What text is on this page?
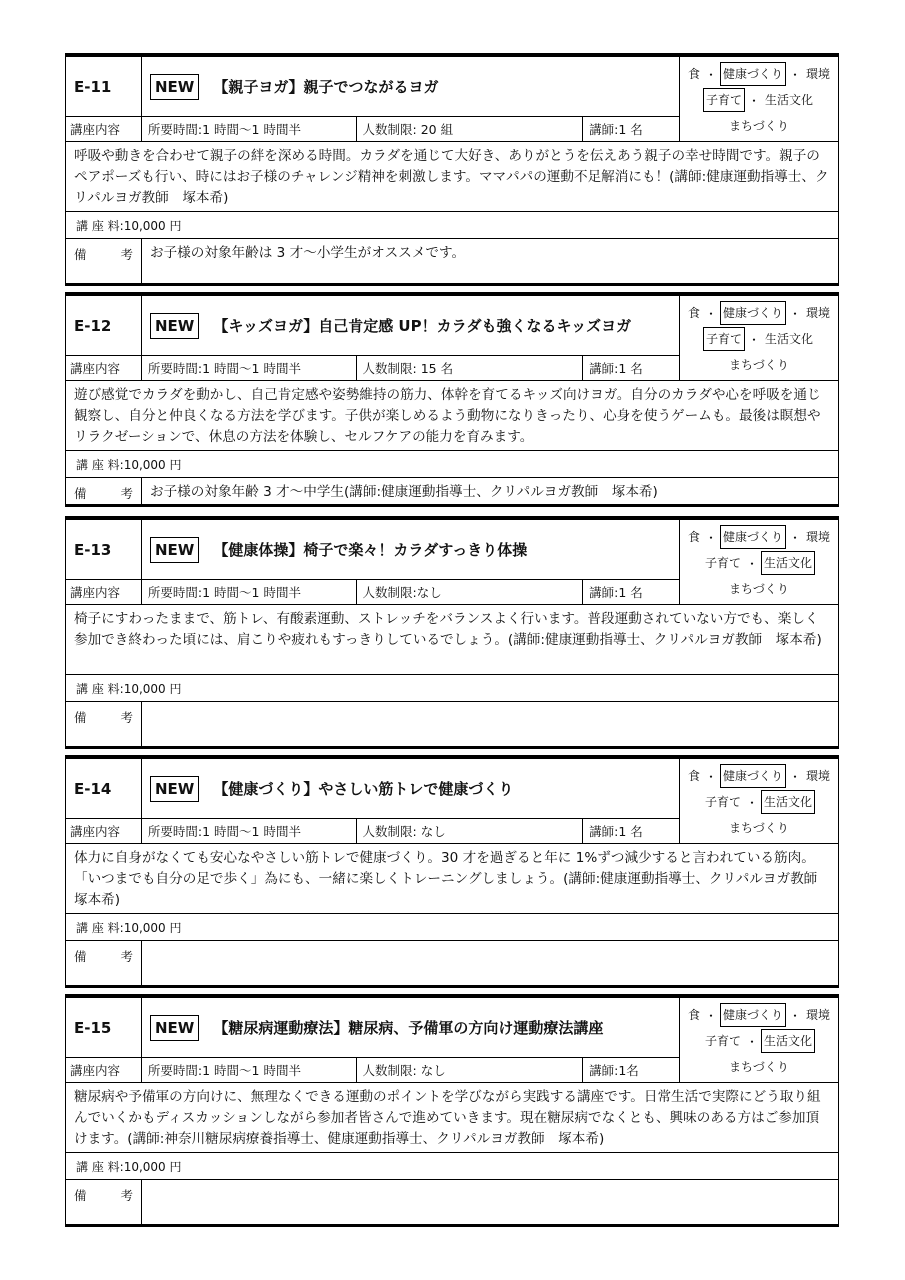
E-11	NEW	【親子ヨガ】親子でつながるヨガ
講座内容	所要時間:1 時間～1 時間半	人数制限: 20 組	講師:1 名
食 ・ 健康づくり ・ 環境
子育て ・ 生活文化
まちづくり
呼吸や動きを合わせて親子の絆を深める時間。カラダを通じて大好き、ありがとうを伝えあう親子の幸せ時間です。親子のペアポーズも行い、時にはお子様のチャレンジ精神を刺激します。ママパパの運動不足解消にも！(講師:健康運動指導士、クリパルヨガ教師　塚本希)
講 座 料: 10,000 円
備	考	お子様の対象年齢は 3 才～小学生がオススメです。
E-12	NEW	【キッズヨガ】自己肯定感 UP！カラダも強くなるキッズヨガ
講座内容	所要時間:1 時間～1 時間半	人数制限: 15 名	講師:1 名
食 ・ 健康づくり ・ 環境
子育て ・ 生活文化
まちづくり
遊び感覚でカラダを動かし、自己肯定感や姿勢維持の筋力、体幹を育てるキッズ向けヨガ。自分のカラダや心を呼吸を通じ観察し、自分と仲良くなる方法を学びます。子供が楽しめるよう動物になりきったり、心身を使うゲームも。最後は瞑想やリラクゼーションで、休息の方法を体験し、セルフケアの能力を育みます。
講 座 料: 10,000 円
備	考	お子様の対象年齢 3 才～中学生(講師:健康運動指導士、クリパルヨガ教師　塚本希)
E-13	NEW	【健康体操】椅子で楽々！カラダすっきり体操
講座内容	所要時間:1 時間～1 時間半	人数制限:なし	講師:1 名
食 ・ 健康づくり ・ 環境
子育て ・ 生活文化
まちづくり
椅子にすわったままで、筋トレ、有酸素運動、ストレッチをバランスよく行います。普段運動されていない方でも、楽しく参加でき終わった頃には、肩こりや疲れもすっきりしているでしょう。(講師:健康運動指導士、クリパルヨガ教師　塚本希)
講 座 料: 10,000 円
備	考
E-14	NEW	【健康づくり】やさしい筋トレで健康づくり
講座内容	所要時間:1 時間～1 時間半	人数制限: なし	講師:1 名
食 ・ 健康づくり ・ 環境
子育て ・ 生活文化
まちづくり
体力に自身がなくても安心なやさしい筋トレで健康づくり。30 才を過ぎると年に 1%ずつ減少すると言われている筋肉。「いつまでも自分の足で歩く」為にも、一緒に楽しくトレーニングしましょう。(講師:健康運動指導士、クリパルヨガ教師　塚本希)
講 座 料: 10,000 円
備	考
E-15	NEW	【糖尿病運動療法】糖尿病、予備軍の方向け運動療法講座
講座内容	所要時間:1 時間～1 時間半	人数制限: なし	講師:1名
食 ・ 健康づくり ・ 環境
子育て ・ 生活文化
まちづくり
糖尿病や予備軍の方向けに、無理なくできる運動のポイントを学びながら実践する講座です。日常生活で実際にどう取り組んでいくかもディスカッションしながら参加者皆さんで進めていきます。現在糖尿病でなくとも、興味のある方はご参加頂けます。(講師:神奈川糖尿病療養指導士、健康運動指導士、クリパルヨガ教師　塚本希)
講 座 料: 10,000 円
備	考
